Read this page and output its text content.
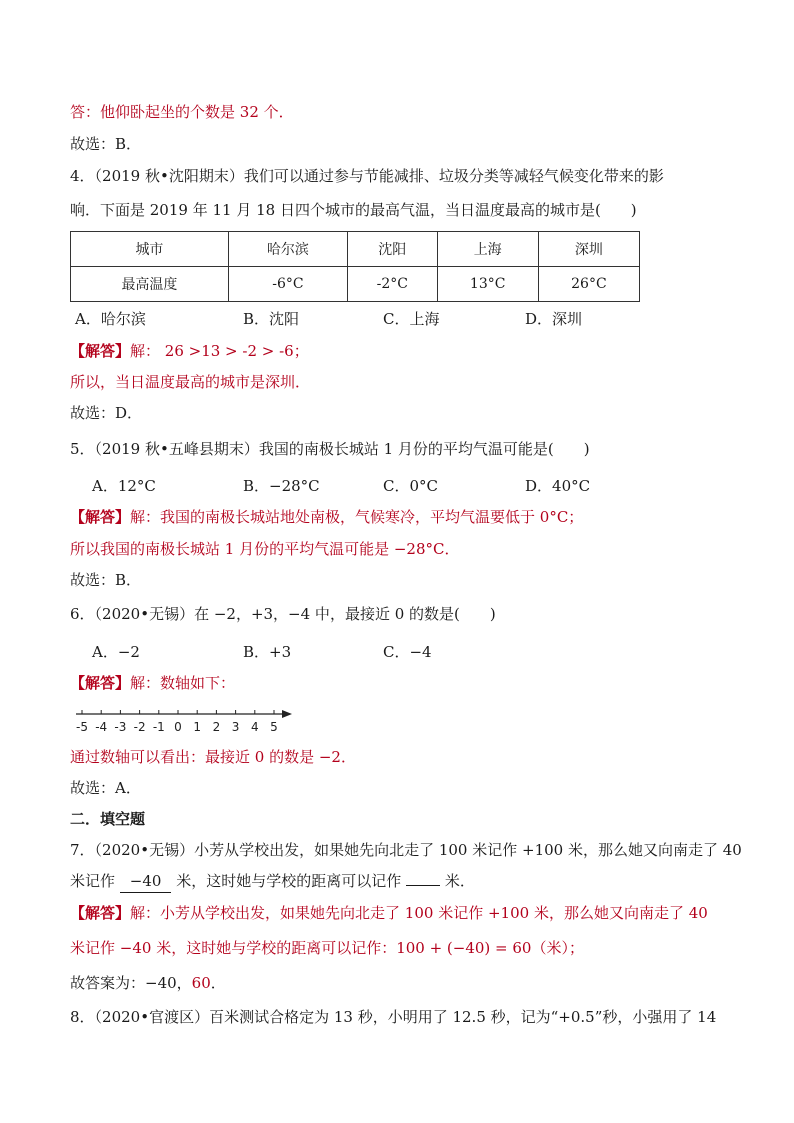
答：他仰卧起坐的个数是 32 个．
故选：B．
4．（2019 秋•沈阳期末）我们可以通过参与节能减排、垃圾分类等减轻气候变化带来的影
响．下面是 2019 年 11 月 18 日四个城市的最高气温，当日温度最高的城市是(　　)
城市	哈尔滨	沈阳	上海	深圳
最高温度	-6°C	-2°C	13°C	26°C
A．哈尔滨	B．沈阳	C．上海	D．深圳
【解答】解： 26 >13 > -2 > -6；
所以，当日温度最高的城市是深圳．
故选：D．
5．（2019 秋•五峰县期末）我国的南极长城站 1 月份的平均气温可能是(　　)
A．12°C	B．−28°C	C．0°C	D．40°C
【解答】解：我国的南极长城站地处南极，气候寒冷，平均气温要低于 0°C；
所以我国的南极长城站 1 月份的平均气温可能是 −28°C．
故选：B．
6．（2020•无锡）在 −2，+3，−4 中，最接近 0 的数是(　　)
A．−2	B．+3	C．−4
【解答】解：数轴如下：
-5 -4 -3 -2 -1 0 1 2 3 4 5
通过数轴可以看出：最接近 0 的数是 −2．
故选：A．
二．填空题
7．（2020•无锡）小芳从学校出发，如果她先向北走了 100 米记作 +100 米，那么她又向南走了 40
米记作 −40 米，这时她与学校的距离可以记作	米．
【解答】解：小芳从学校出发，如果她先向北走了 100 米记作 +100 米，那么她又向南走了 40
米记作 −40 米，这时她与学校的距离可以记作：100 + (−40) = 60（米）；
故答案为：−40，60．
8．（2020•官渡区）百米测试合格定为 13 秒，小明用了 12.5 秒，记为“+0.5”秒，小强用了 14
